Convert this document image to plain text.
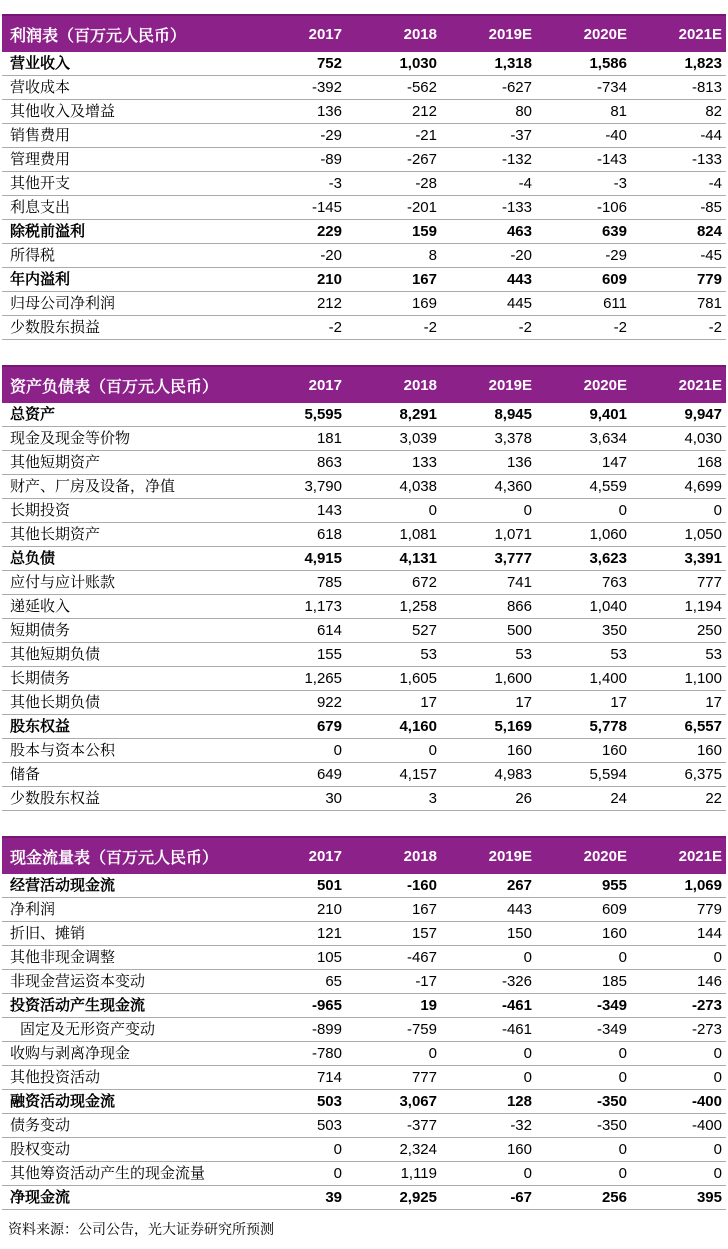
利润表（百万元人民币）	2017	2018	2019E	2020E	2021E
营业收入	752	1,030	1,318	1,586	1,823
营收成本	-392	-562	-627	-734	-813
其他收入及增益	136	212	80	81	82
销售费用	-29	-21	-37	-40	-44
管理费用	-89	-267	-132	-143	-133
其他开支	-3	-28	-4	-3	-4
利息支出	-145	-201	-133	-106	-85
除税前溢利	229	159	463	639	824
所得税	-20	8	-20	-29	-45
年内溢利	210	167	443	609	779
归母公司净利润	212	169	445	611	781
少数股东损益	-2	-2	-2	-2	-2
资产负债表（百万元人民币）	2017	2018	2019E	2020E	2021E
总资产	5,595	8,291	8,945	9,401	9,947
现金及现金等价物	181	3,039	3,378	3,634	4,030
其他短期资产	863	133	136	147	168
财产、厂房及设备，净值	3,790	4,038	4,360	4,559	4,699
长期投资	143	0	0	0	0
其他长期资产	618	1,081	1,071	1,060	1,050
总负债	4,915	4,131	3,777	3,623	3,391
应付与应计账款	785	672	741	763	777
递延收入	1,173	1,258	866	1,040	1,194
短期债务	614	527	500	350	250
其他短期负债	155	53	53	53	53
长期债务	1,265	1,605	1,600	1,400	1,100
其他长期负债	922	17	17	17	17
股东权益	679	4,160	5,169	5,778	6,557
股本与资本公积	0	0	160	160	160
储备	649	4,157	4,983	5,594	6,375
少数股东权益	30	3	26	24	22
现金流量表（百万元人民币）	2017	2018	2019E	2020E	2021E
经营活动现金流	501	-160	267	955	1,069
净利润	210	167	443	609	779
折旧、摊销	121	157	150	160	144
其他非现金调整	105	-467	0	0	0
非现金营运资本变动	65	-17	-326	185	146
投资活动产生现金流	-965	19	-461	-349	-273
固定及无形资产变动	-899	-759	-461	-349	-273
收购与剥离净现金	-780	0	0	0	0
其他投资活动	714	777	0	0	0
融资活动现金流	503	3,067	128	-350	-400
债务变动	503	-377	-32	-350	-400
股权变动	0	2,324	160	0	0
其他筹资活动产生的现金流量	0	1,119	0	0	0
净现金流	39	2,925	-67	256	395
资料来源：公司公告，光大证券研究所预测
